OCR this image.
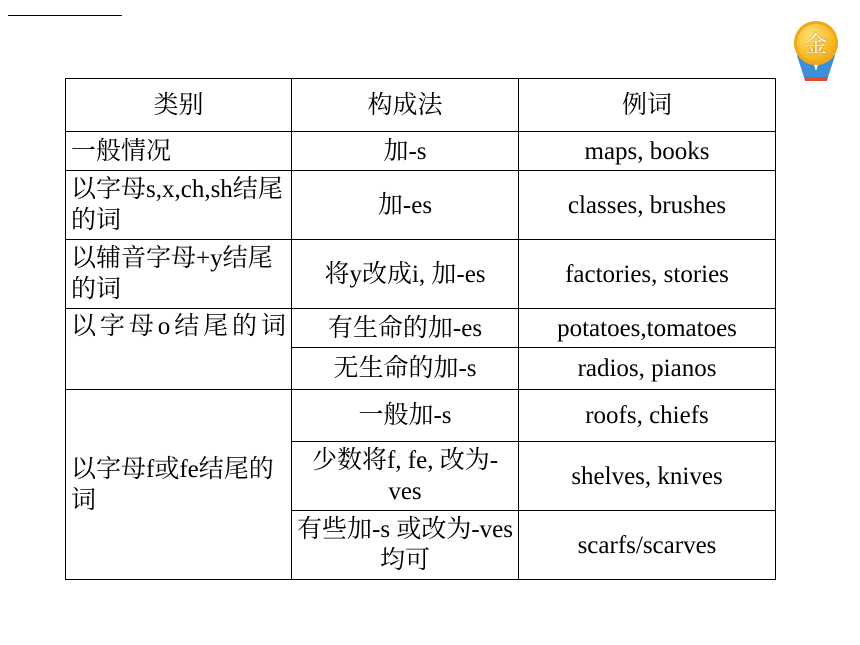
金
类别	构成法	例词
一般情况	加-s	maps, books
以字母s,x,ch,sh结尾的词	加-es	classes, brushes
以辅音字母+y结尾的词	将y改成i, 加-es	factories, stories
以字母o结尾的词	有生命的加-es	potatoes,tomatoes
	无生命的加-s	radios, pianos
以字母f或fe结尾的词	一般加-s	roofs, chiefs
	少数将f, fe, 改为-ves	shelves, knives
	有些加-s 或改为-ves均可	scarfs/scarves
